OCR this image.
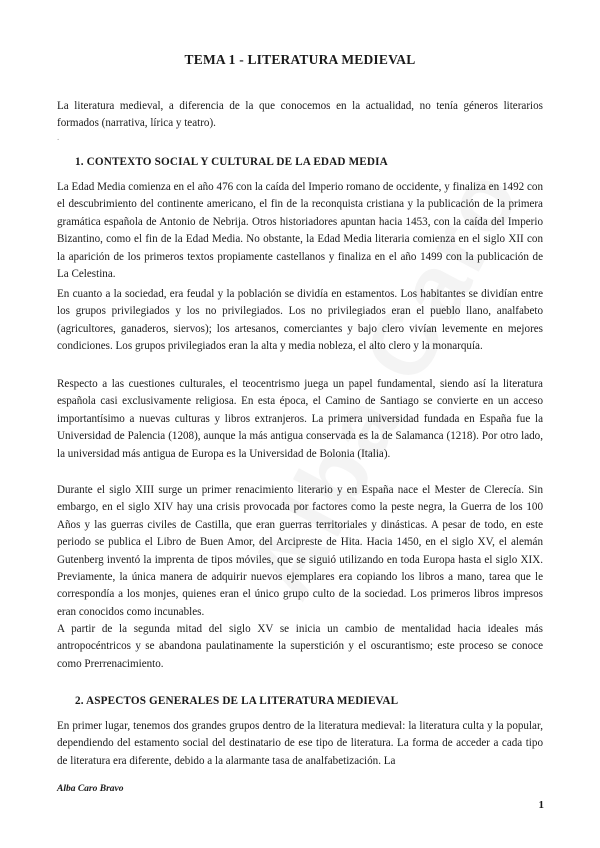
TEMA 1 - LITERATURA MEDIEVAL

La literatura medieval, a diferencia de la que conocemos en la actualidad, no tenía géneros literarios formados (narrativa, lírica y teatro).

.
1. CONTEXTO SOCIAL Y CULTURAL DE LA EDAD MEDIA

La Edad Media comienza en el año 476 con la caída del Imperio romano de occidente, y finaliza en 1492 con el descubrimiento del continente americano, el fin de la reconquista cristiana y la publicación de la primera gramática española de Antonio de Nebrija. Otros historiadores apuntan hacia 1453, con la caída del Imperio Bizantino, como el fin de la Edad Media. No obstante, la Edad Media literaria comienza en el siglo XII con la aparición de los primeros textos propiamente castellanos y finaliza en el año 1499 con la publicación de La Celestina.

En cuanto a la sociedad, era feudal y la población se dividía en estamentos. Los habitantes se dividían entre los grupos privilegiados y los no privilegiados. Los no privilegiados eran el pueblo llano, analfabeto (agricultores, ganaderos, siervos); los artesanos, comerciantes y bajo clero vivían levemente en mejores condiciones. Los grupos privilegiados eran la alta y media nobleza, el alto clero y la monarquía.

Respecto a las cuestiones culturales, el teocentrismo juega un papel fundamental, siendo así la literatura española casi exclusivamente religiosa. En esta época, el Camino de Santiago se convierte en un acceso importantísimo a nuevas culturas y libros extranjeros. La primera universidad fundada en España fue la Universidad de Palencia (1208), aunque la más antigua conservada es la de Salamanca (1218). Por otro lado, la universidad más antigua de Europa es la Universidad de Bolonia (Italia).

Durante el siglo XIII surge un primer renacimiento literario y en España nace el Mester de Clerecía. Sin embargo, en el siglo XIV hay una crisis provocada por factores como la peste negra, la Guerra de los 100 Años y las guerras civiles de Castilla, que eran guerras territoriales y dinásticas. A pesar de todo, en este periodo se publica el Libro de Buen Amor, del Arcipreste de Hita. Hacia 1450, en el siglo XV, el alemán Gutenberg inventó la imprenta de tipos móviles, que se siguió utilizando en toda Europa hasta el siglo XIX. Previamente, la única manera de adquirir nuevos ejemplares era copiando los libros a mano, tarea que le correspondía a los monjes, quienes eran el único grupo culto de la sociedad. Los primeros libros impresos eran conocidos como incunables.

A partir de la segunda mitad del siglo XV se inicia un cambio de mentalidad hacia ideales más antropocéntricos y se abandona paulatinamente la superstición y el oscurantismo; este proceso se conoce como Prerrenacimiento.

2. ASPECTOS GENERALES DE LA LITERATURA MEDIEVAL

En primer lugar, tenemos dos grandes grupos dentro de la literatura medieval: la literatura culta y la popular, dependiendo del estamento social del destinatario de ese tipo de literatura. La forma de acceder a cada tipo de literatura era diferente, debido a la alarmante tasa de analfabetización. La

Alba Caro Bravo
1
